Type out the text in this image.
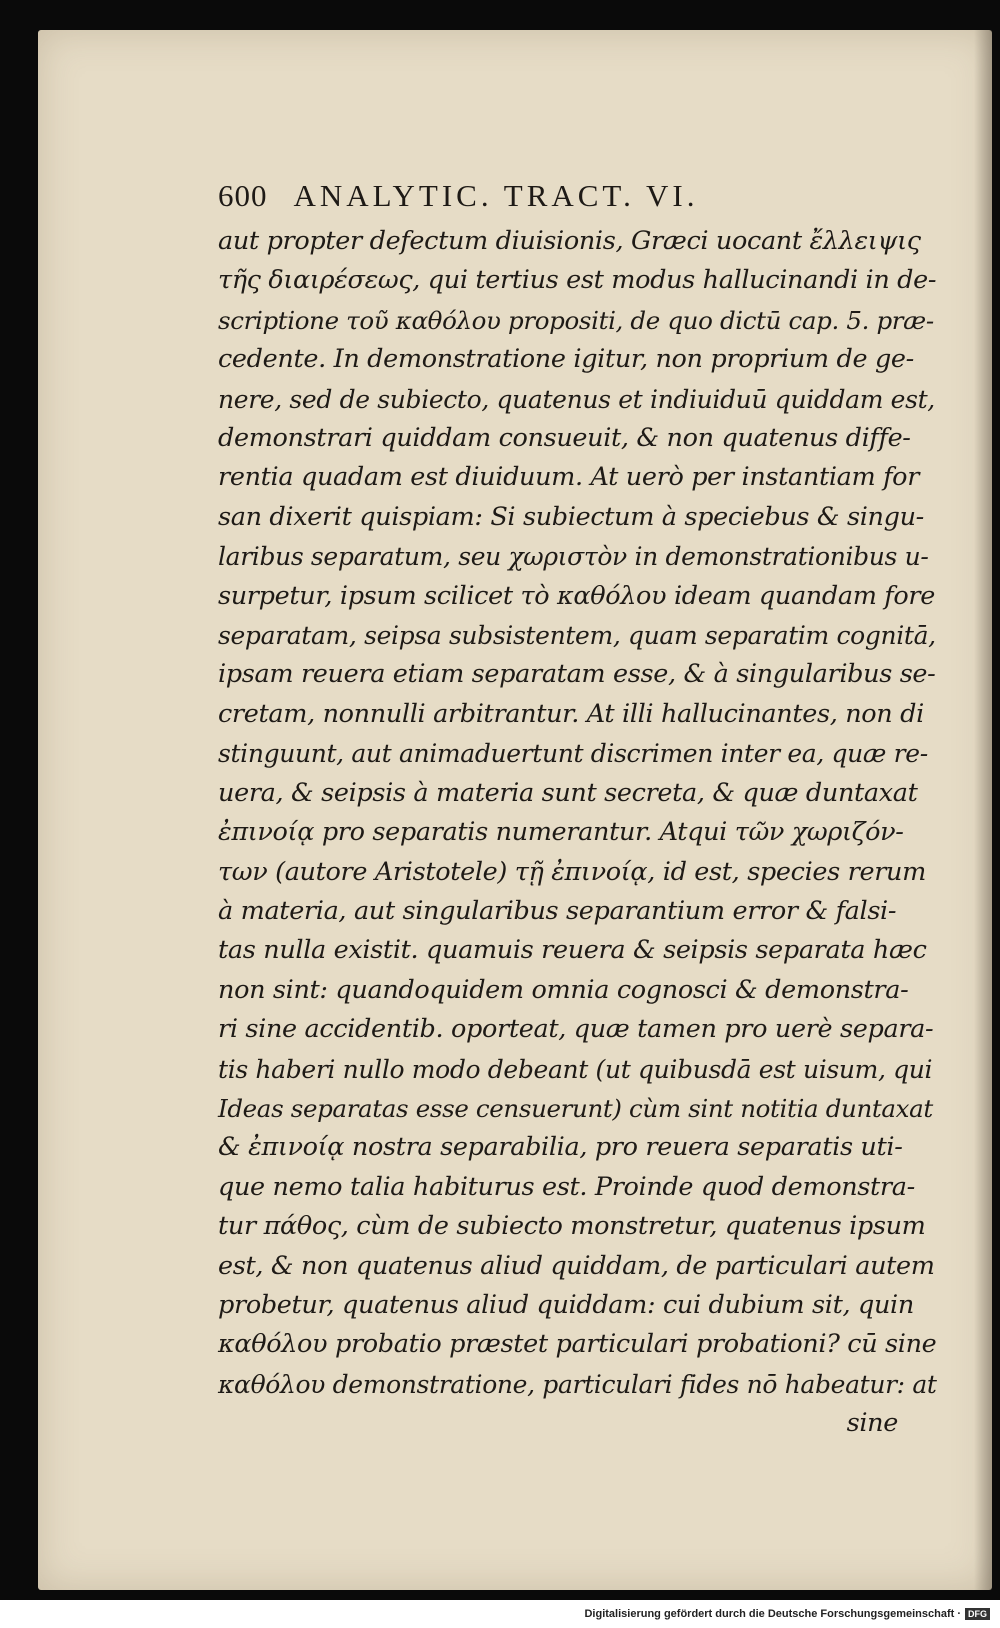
600 ANALYTIC. TRACT. VI.
aut propter defectum diuisionis, Græci uocant ἔλλειψις
τῆς διαιρέσεως, qui tertius est modus hallucinandi in de-
scriptione τοῦ καθόλου propositi, de quo dictū cap. 5. præ-
cedente. In demonstratione igitur, non proprium de ge-
nere, sed de subiecto, quatenus et indiuiduū quiddam est,
demonstrari quiddam consueuit, & non quatenus diffe-
rentia quadam est diuiduum. At uerò per instantiam for
san dixerit quispiam: Si subiectum à speciebus & singu-
laribus separatum, seu χωριστὸν in demonstrationibus u-
surpetur, ipsum scilicet τὸ καθόλου ideam quandam fore
separatam, seipsa subsistentem, quam separatim cognitā,
ipsam reuera etiam separatam esse, & à singularibus se-
cretam, nonnulli arbitrantur. At illi hallucinantes, non di
stinguunt, aut animaduertunt discrimen inter ea, quæ re-
uera, & seipsis à materia sunt secreta, & quæ duntaxat
ἐπινοίᾳ pro separatis numerantur. Atqui τῶν χωριζόν-
των (autore Aristotele) τῇ ἐπινοίᾳ, id est, species rerum
à materia, aut singularibus separantium error & falsi-
tas nulla existit. quamuis reuera & seipsis separata hæc
non sint: quandoquidem omnia cognosci & demonstra-
ri sine accidentib. oporteat, quæ tamen pro uerè separa-
tis haberi nullo modo debeant (ut quibusdā est uisum, qui
Ideas separatas esse censuerunt) cùm sint notitia duntaxat
& ἐπινοίᾳ nostra separabilia, pro reuera separatis uti-
que nemo talia habiturus est. Proinde quod demonstra-
tur πάθος, cùm de subiecto monstretur, quatenus ipsum
est, & non quatenus aliud quiddam, de particulari autem
probetur, quatenus aliud quiddam: cui dubium sit, quin
καθόλου probatio præstet particulari probationi? cū sine
καθόλου demonstratione, particulari fides nō habeatur: at
sine
Digitalisierung gefördert durch die Deutsche Forschungsgemeinschaft · DFG
